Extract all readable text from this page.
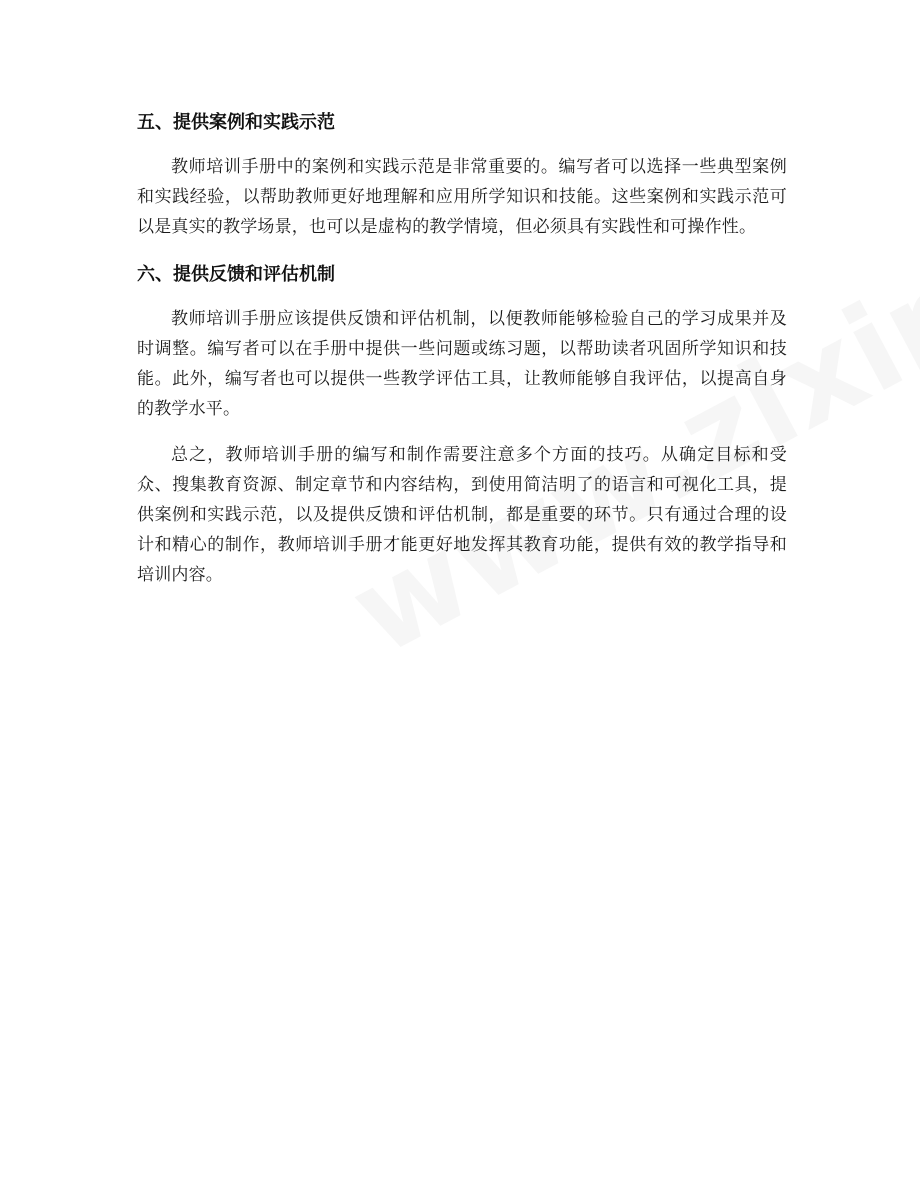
五、提供案例和实践示范

教师培训手册中的案例和实践示范是非常重要的。编写者可以选择一些典型案例和实践经验，以帮助教师更好地理解和应用所学知识和技能。这些案例和实践示范可以是真实的教学场景，也可以是虚构的教学情境，但必须具有实践性和可操作性。

六、提供反馈和评估机制

教师培训手册应该提供反馈和评估机制，以便教师能够检验自己的学习成果并及时调整。编写者可以在手册中提供一些问题或练习题，以帮助读者巩固所学知识和技能。此外，编写者也可以提供一些教学评估工具，让教师能够自我评估，以提高自身的教学水平。

总之，教师培训手册的编写和制作需要注意多个方面的技巧。从确定目标和受众、搜集教育资源、制定章节和内容结构，到使用简洁明了的语言和可视化工具，提供案例和实践示范，以及提供反馈和评估机制，都是重要的环节。只有通过合理的设计和精心的制作，教师培训手册才能更好地发挥其教育功能，提供有效的教学指导和培训内容。
